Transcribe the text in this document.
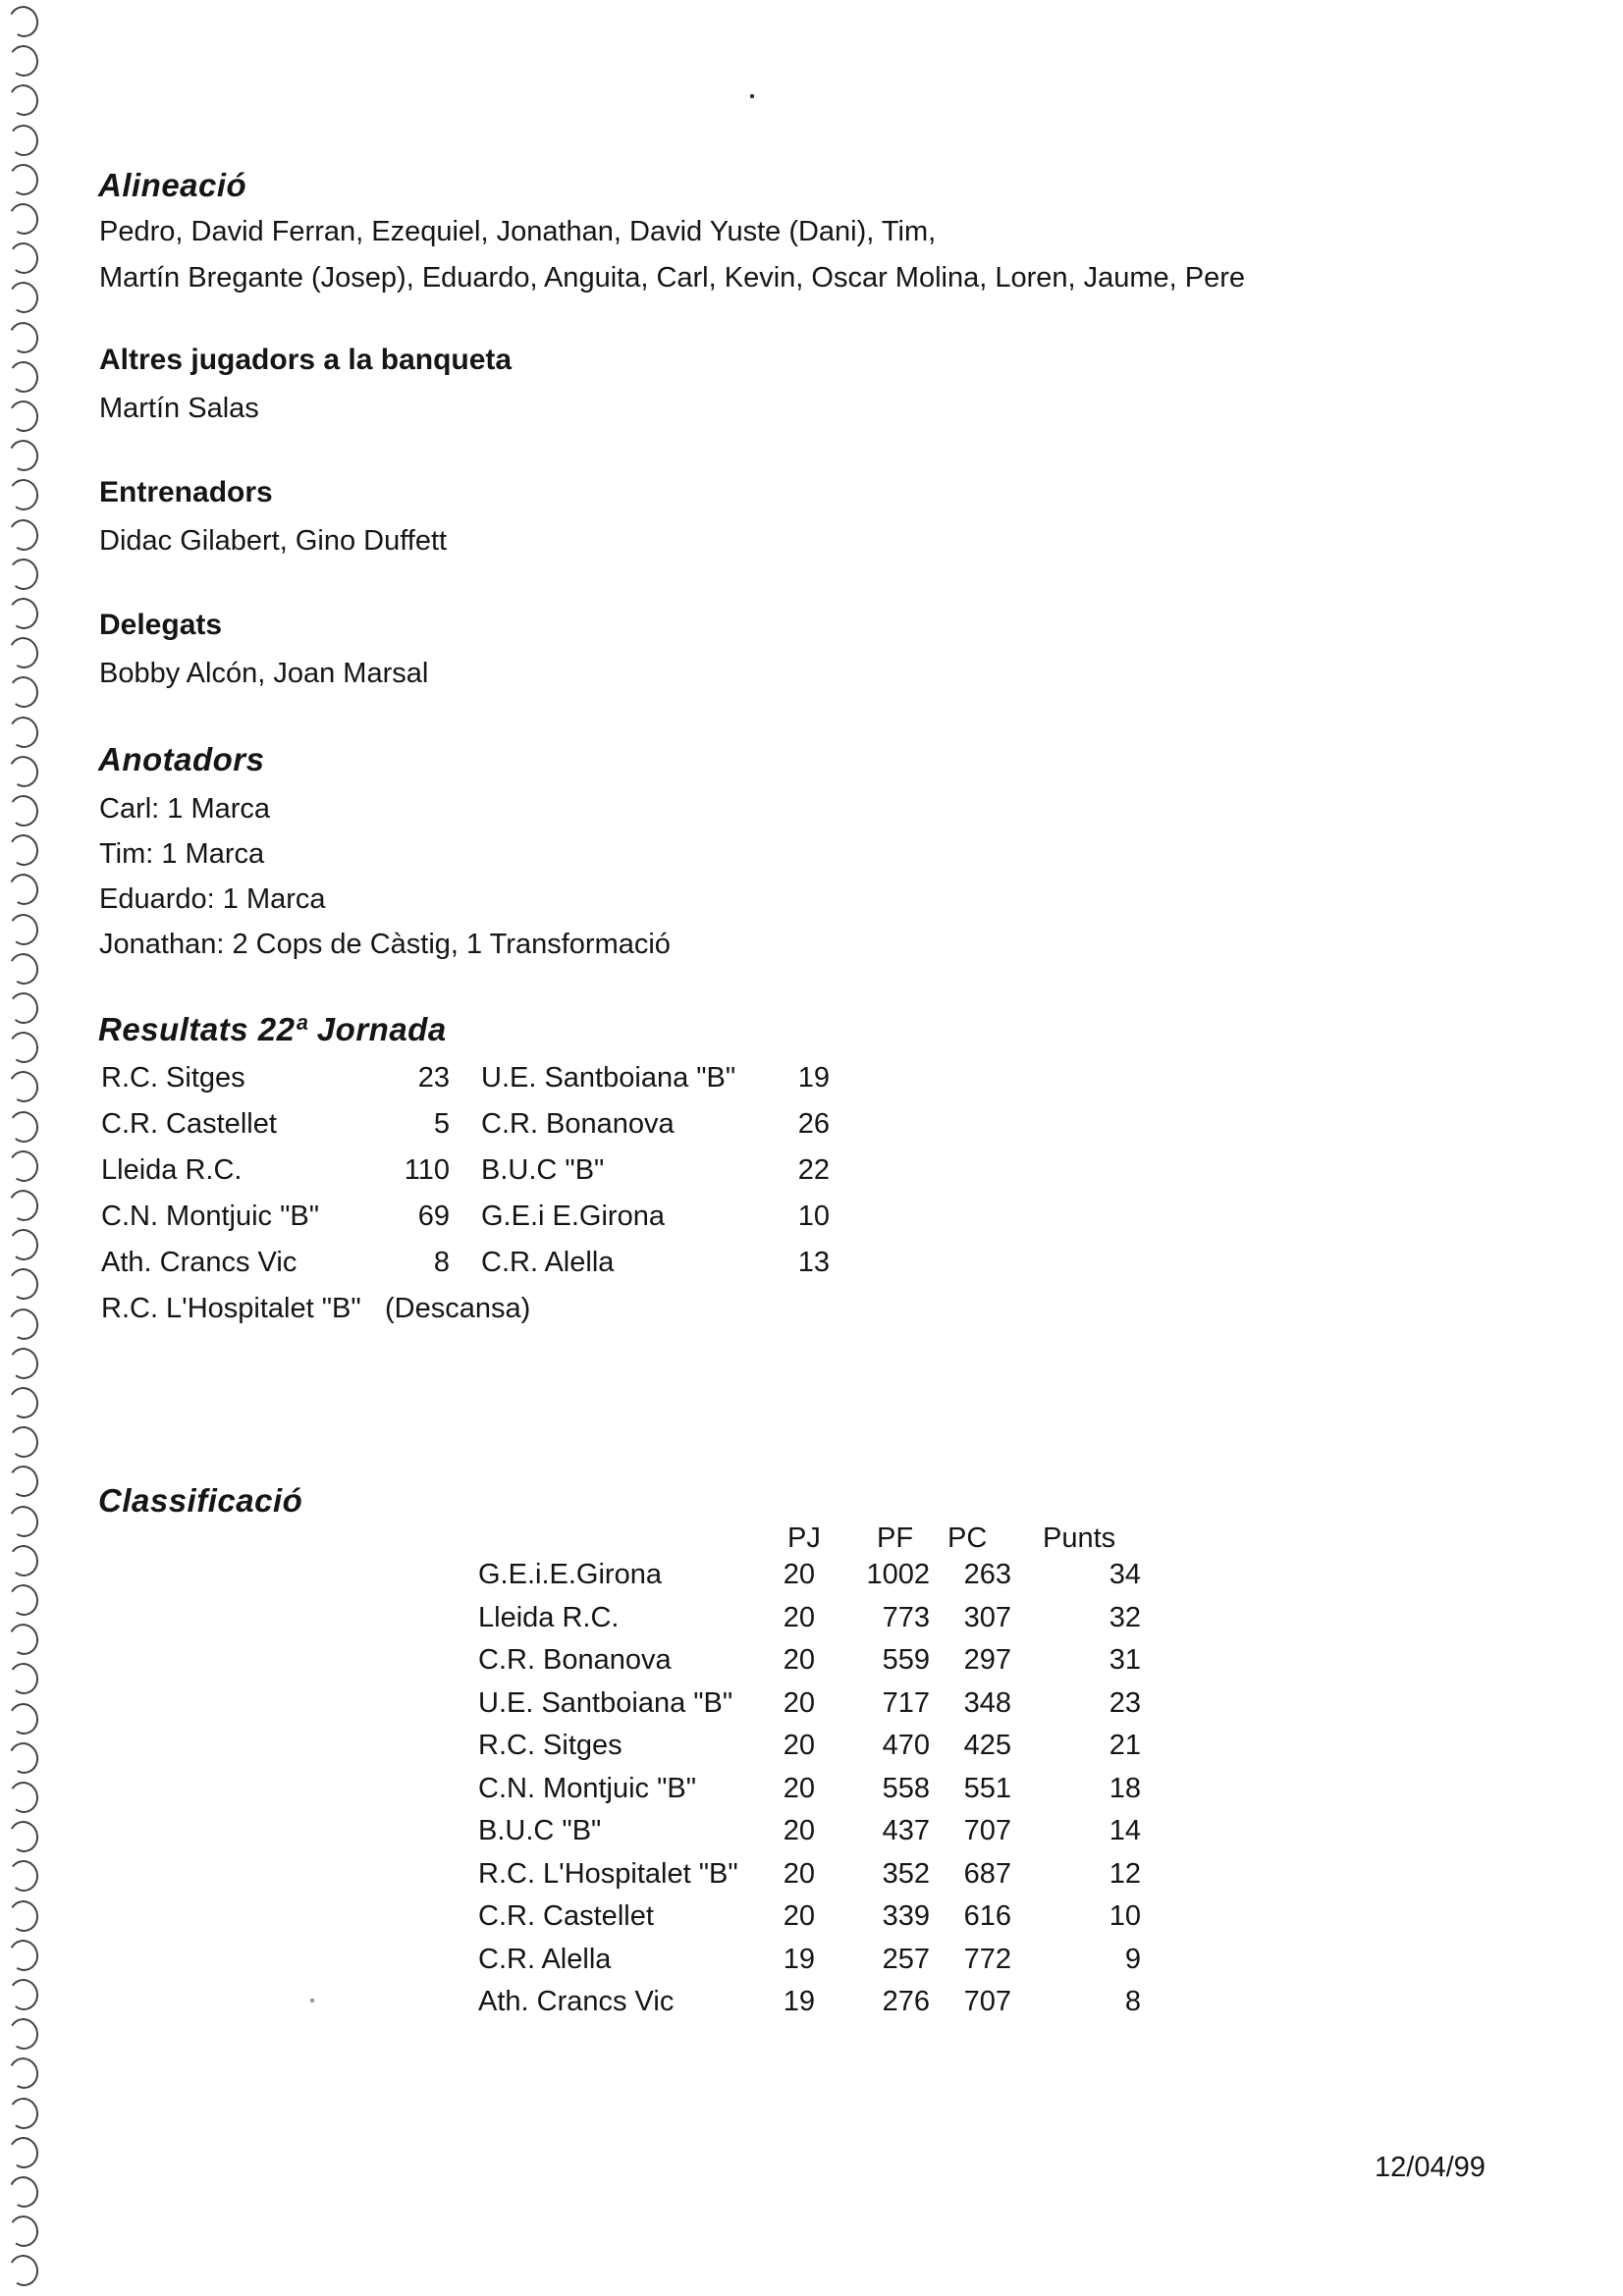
Alineació
Pedro, David Ferran, Ezequiel, Jonathan, David Yuste (Dani), Tim,
Martín Bregante (Josep), Eduardo, Anguita, Carl, Kevin, Oscar Molina, Loren, Jaume, Pere
Altres jugadors a la banqueta
Martín Salas
Entrenadors
Didac Gilabert, Gino Duffett
Delegats
Bobby Alcón, Joan Marsal
Anotadors
Carl: 1 Marca
Tim: 1 Marca
Eduardo: 1 Marca
Jonathan: 2 Cops de Càstig, 1 Transformació
Resultats 22ª Jornada
R.C. Sitges	23 U.E. Santboiana "B"	19
C.R. Castellet	5 C.R. Bonanova	26
Lleida R.C.	110 B.U.C "B"	22
C.N. Montjuic "B"	69 G.E.i E.Girona	10
Ath. Crancs Vic	8 C.R. Alella	13
R.C. L'Hospitalet "B" (Descansa)
Classificació
PJ PF PC Punts
G.E.i.E.Girona	20	1002	263	34
Lleida R.C.	20	773	307	32
C.R. Bonanova	20	559	297	31
U.E. Santboiana "B"	20	717	348	23
R.C. Sitges	20	470	425	21
C.N. Montjuic "B"	20	558	551	18
B.U.C "B"	20	437	707	14
R.C. L'Hospitalet "B"	20	352	687	12
C.R. Castellet	20	339	616	10
C.R. Alella	19	257	772	9
Ath. Crancs Vic	19	276	707	8
12/04/99
